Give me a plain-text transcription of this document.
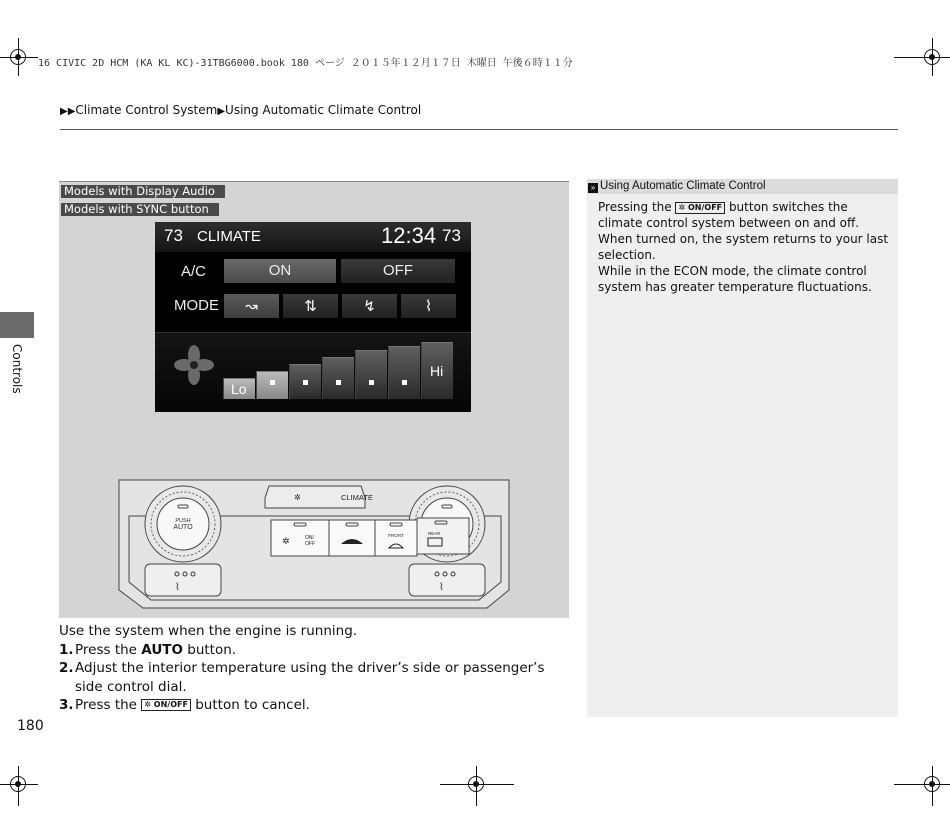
16 CIVIC 2D HCM (KA KL KC)-31TBG6000.book 180 ページ ２０１５年１２月１７日 木曜日 午後６時１１分
▶▶Climate Control System▶Using Automatic Climate Control
Controls
Models with Display Audio
Models with SYNC button
73 CLIMATE	12:34 73
A/C	ON	OFF
MODE	↝	⇅	↯	⌇
Lo
Hi
⌇	⌇
PUSH
AUTO
CLIMATE
✲
✲	ON/
OFF
FRONT	REAR

Use the system when the engine is running.

1. Press the AUTO button.
2. Adjust the interior temperature using the driver’s side or passenger’s side control dial.
3. Press the ✲ ON/OFF button to cancel.
180
» Using Automatic Climate Control

Pressing the ✲ ON/OFF button switches the climate control system between on and off. When turned on, the system returns to your last selection.

While in the ECON mode, the climate control system has greater temperature fluctuations.
